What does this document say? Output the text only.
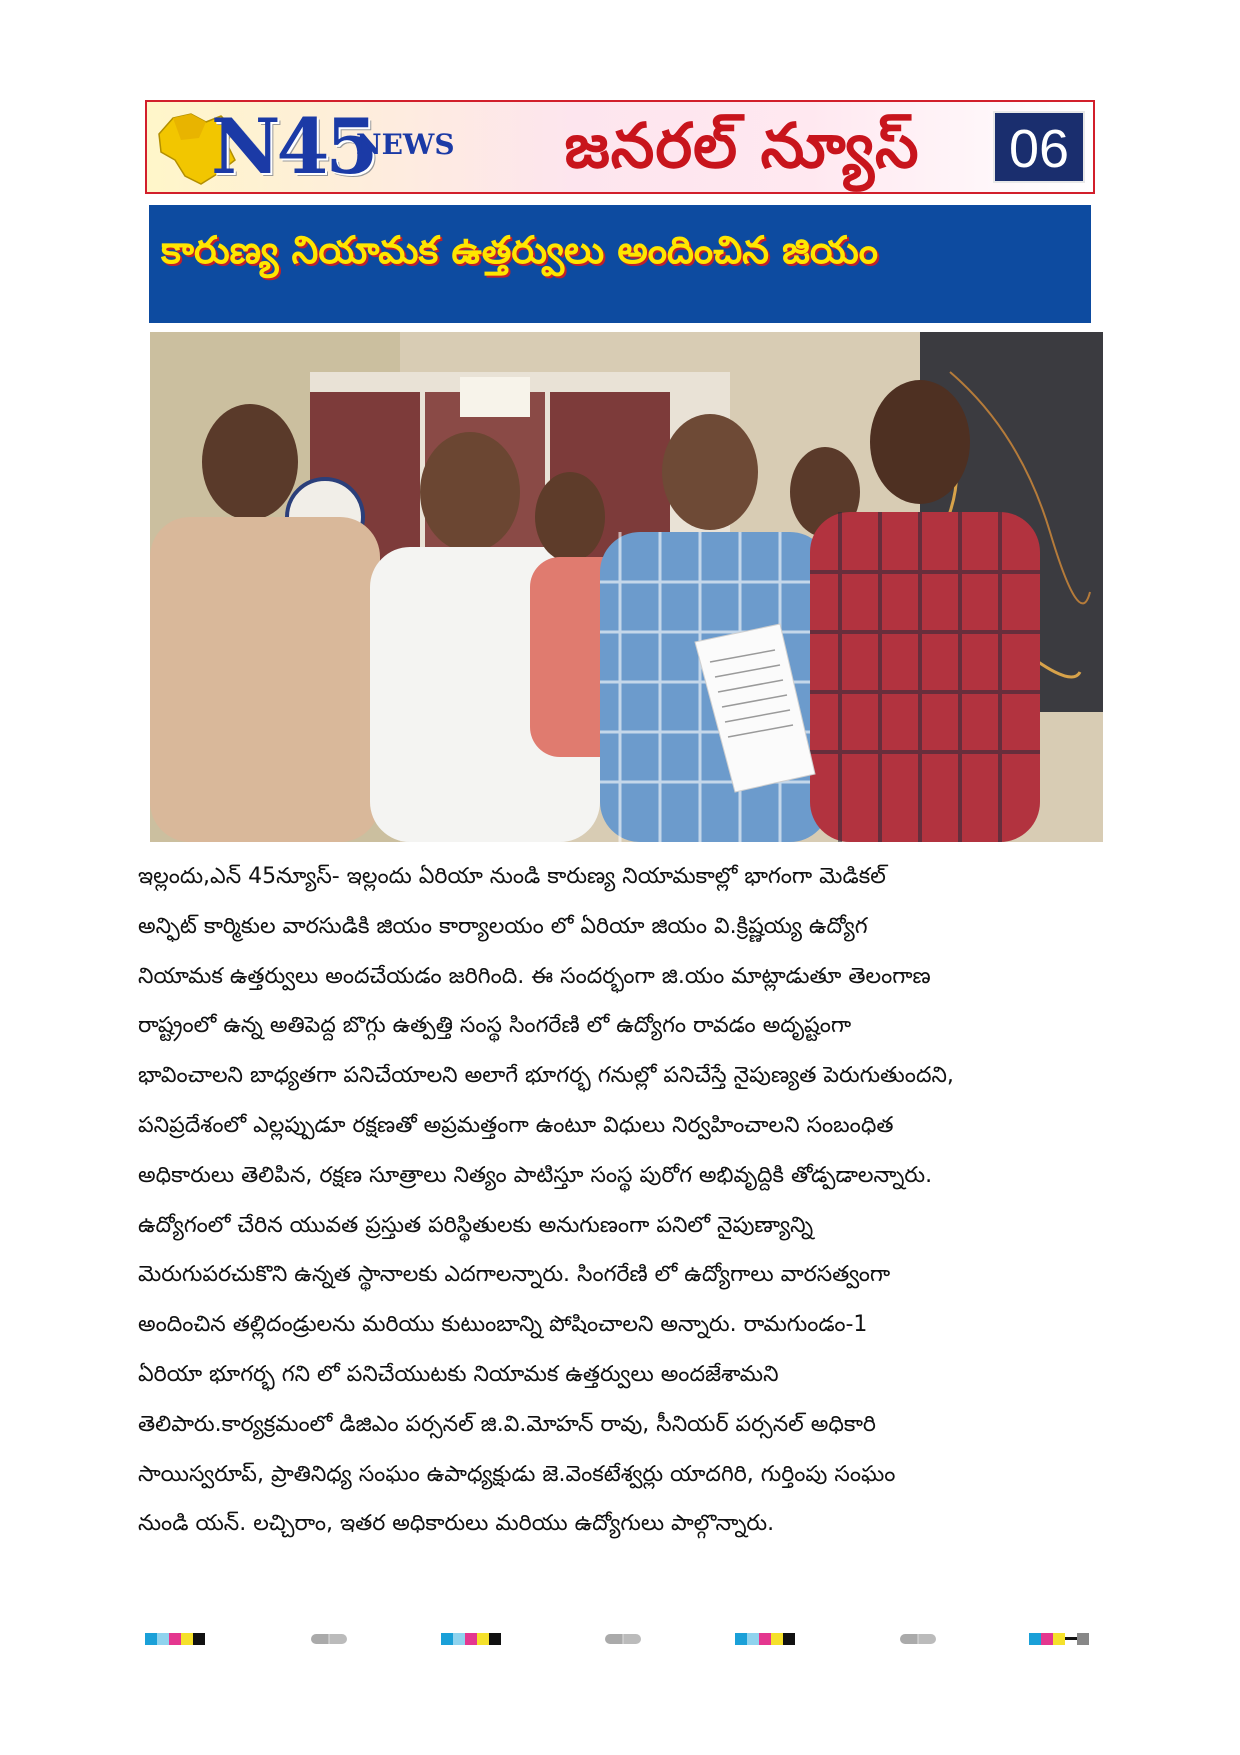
N45
NEWS	జనరల్ న్యూస్	06
కారుణ్య నియామక ఉత్తర్వులు అందించిన జియం
ఇల్లందు,ఎన్ 45న్యూస్- ఇల్లందు ఏరియా నుండి కారుణ్య నియామకాల్లో భాగంగా మెడికల్
అన్ఫిట్ కార్మికుల వారసుడికి జియం కార్యాలయం లో ఏరియా జియం వి.క్రిష్ణయ్య ఉద్యోగ
నియామక ఉత్తర్వులు అందచేయడం జరిగింది. ఈ సందర్భంగా జి.యం మాట్లాడుతూ తెలంగాణ
రాష్ట్రంలో ఉన్న అతిపెద్ద బొగ్గు ఉత్పత్తి సంస్థ సింగరేణి లో ఉద్యోగం రావడం అదృష్టంగా
భావించాలని బాధ్యతగా పనిచేయాలని అలాగే భూగర్భ గనుల్లో పనిచేస్తే నైపుణ్యత పెరుగుతుందని,
పనిప్రదేశంలో ఎల్లప్పుడూ రక్షణతో అప్రమత్తంగా ఉంటూ విధులు నిర్వహించాలని సంబంధిత
అధికారులు తెలిపిన, రక్షణ సూత్రాలు నిత్యం పాటిస్తూ సంస్థ పురోగ అభివృద్దికి తోడ్పడాలన్నారు.
ఉద్యోగంలో చేరిన యువత ప్రస్తుత పరిస్థితులకు అనుగుణంగా పనిలో నైపుణ్యాన్ని
మెరుగుపరచుకొని ఉన్నత స్థానాలకు ఎదగాలన్నారు. సింగరేణి లో ఉద్యోగాలు వారసత్వంగా
అందించిన తల్లిదండ్రులను మరియు కుటుంబాన్ని పోషించాలని అన్నారు. రామగుండం-1
ఏరియా భూగర్భ గని లో పనిచేయుటకు నియామక ఉత్తర్వులు అందజేశామని
తెలిపారు.కార్యక్రమంలో డిజిఎం పర్సనల్ జి.వి.మోహన్ రావు, సీనియర్ పర్సనల్ అధికారి
సాయిస్వరూప్, ప్రాతినిధ్య సంఘం ఉపాధ్యక్షుడు జె.వెంకటేశ్వర్లు యాదగిరి, గుర్తింపు సంఘం
నుండి యన్. లచ్చిరాం, ఇతర అధికారులు మరియు ఉద్యోగులు పాల్గొన్నారు.
